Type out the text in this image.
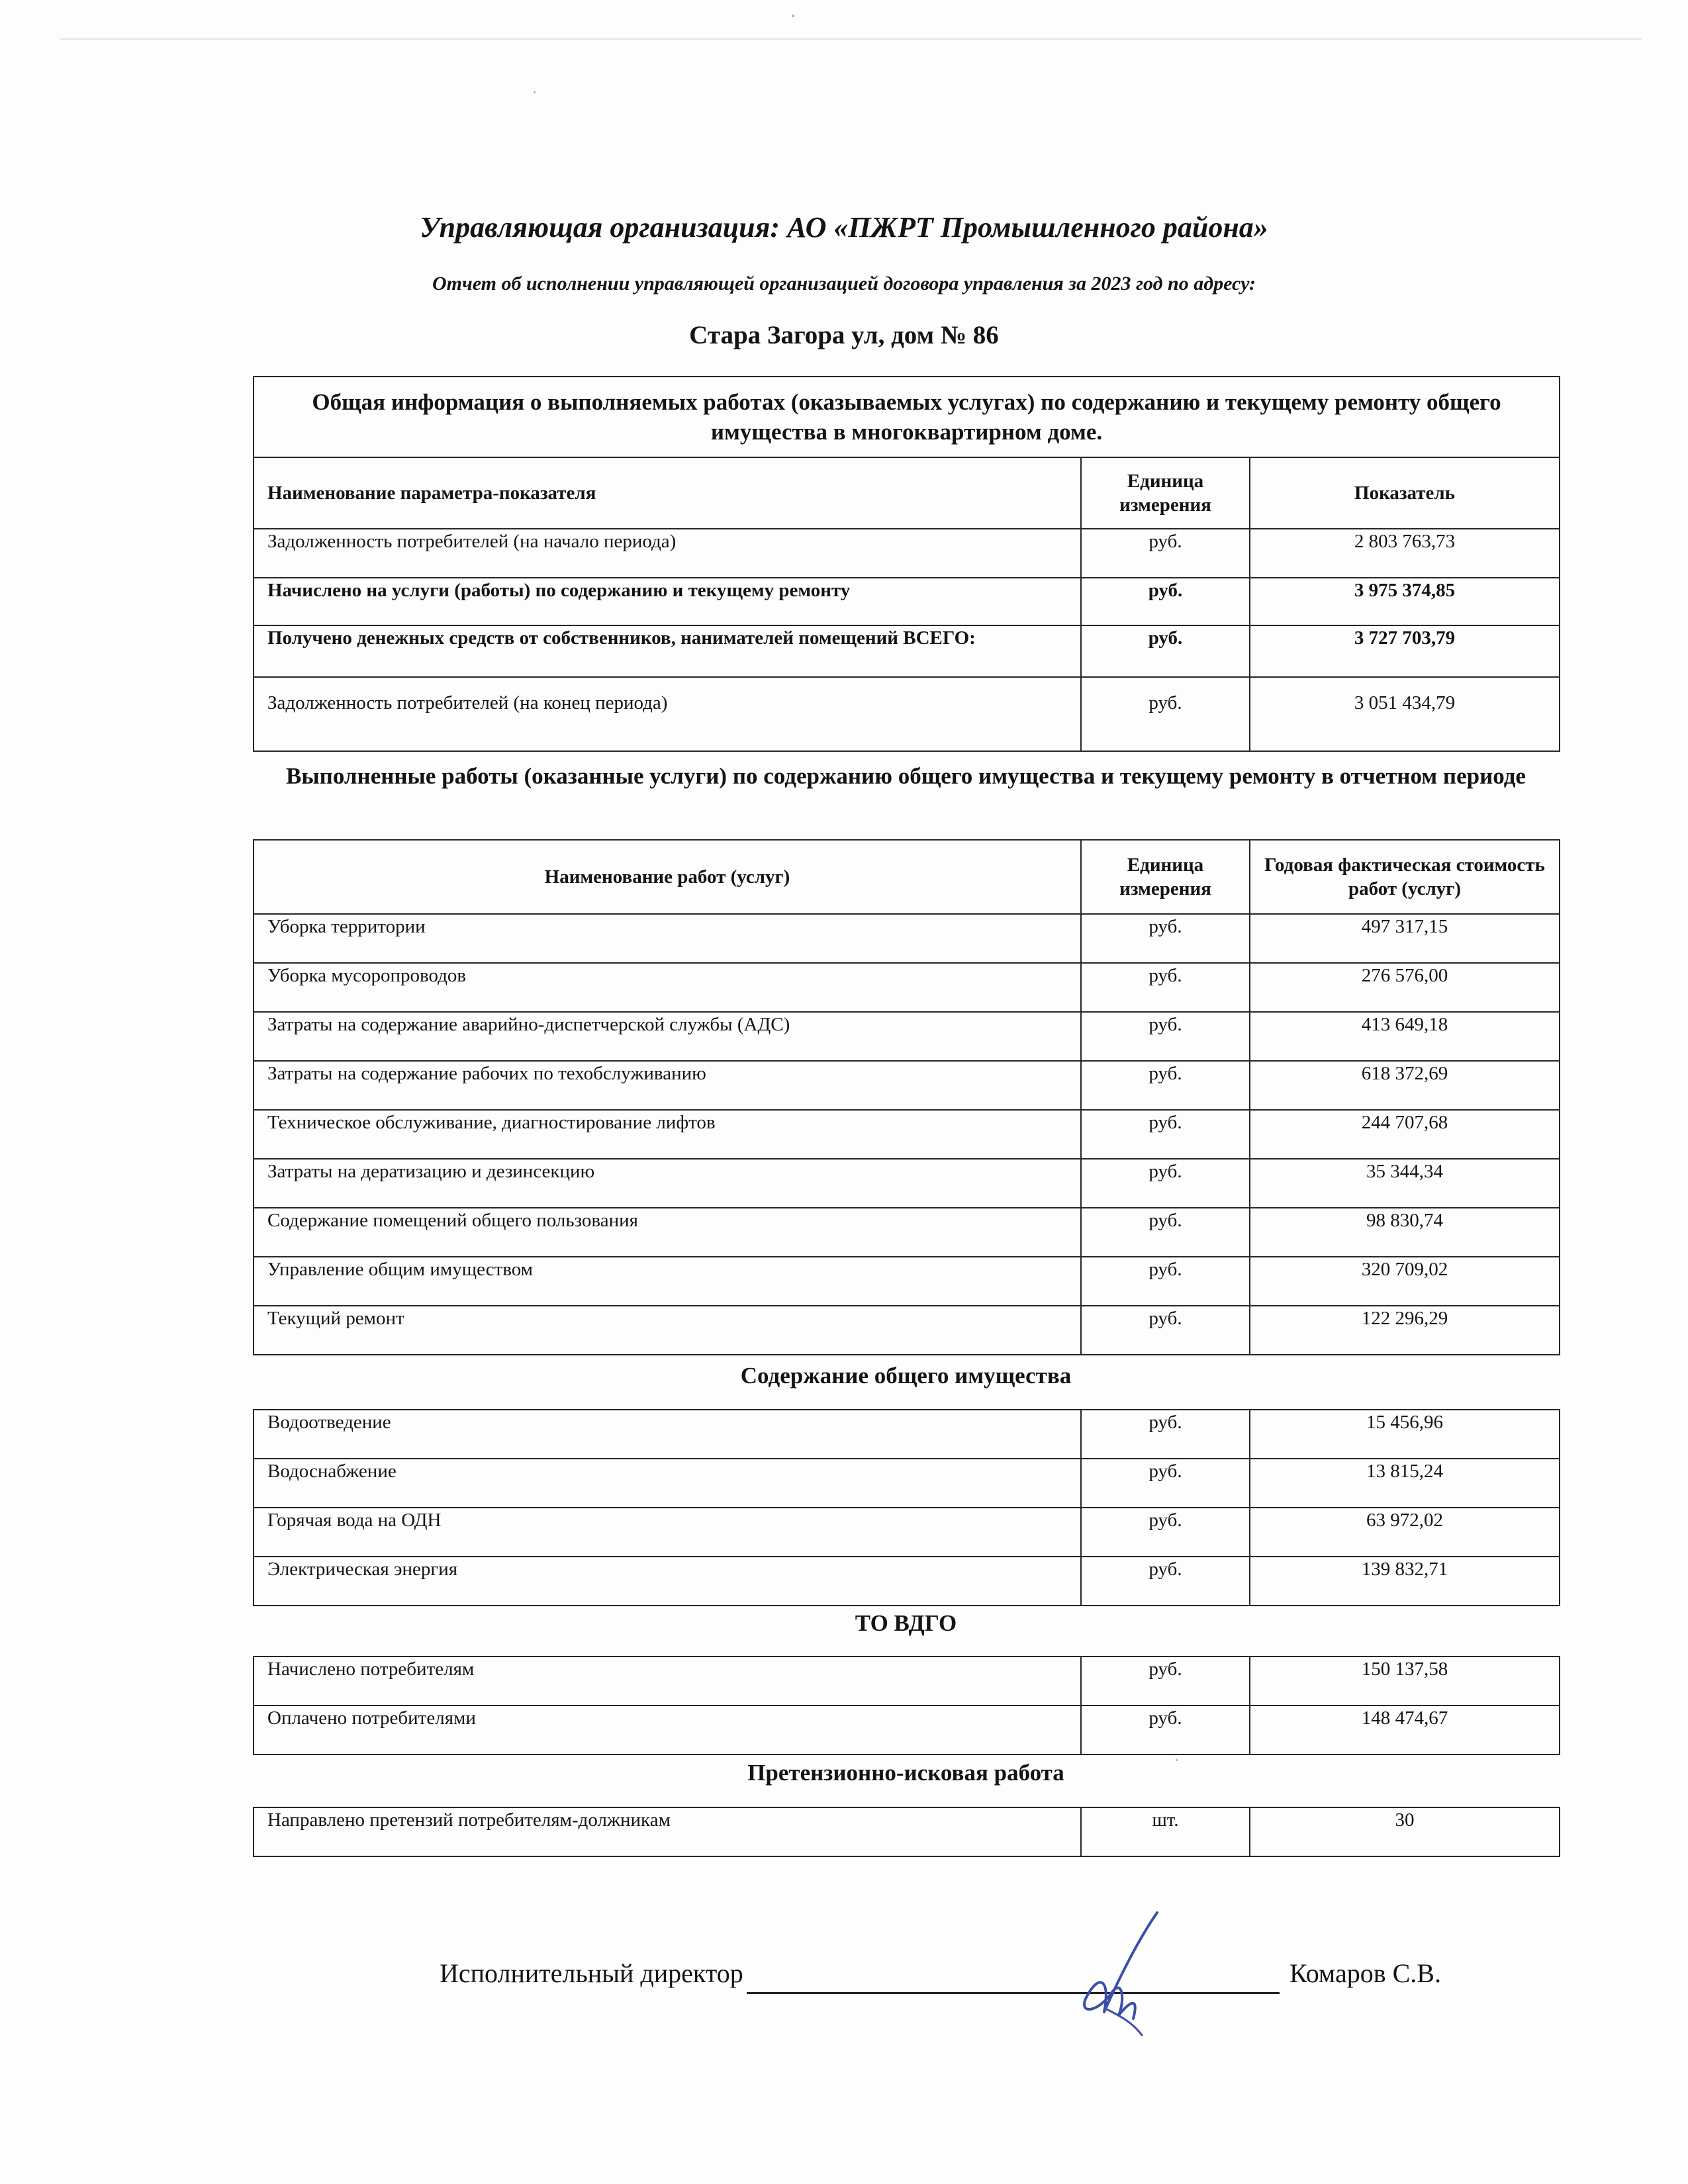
Управляющая организация: АО «ПЖРТ Промышленного района»
Отчет об исполнении управляющей организацией договора управления за 2023 год по адресу:
Стара Загора ул, дом № 86
Общая информация о выполняемых работах (оказываемых услугах) по содержанию и текущему ремонту общего имущества в многоквартирном доме.		
Наименование параметра-показателя	Единица измерения	Показатель
Задолженность потребителей (на начало периода)	руб.	2 803 763,73
Начислено на услуги (работы) по содержанию и текущему ремонту	руб.	3 975 374,85
Получено денежных средств от собственников, нанимателей помещений ВСЕГО:	руб.	3 727 703,79
Задолженность потребителей (на конец периода)	руб.	3 051 434,79
Выполненные работы (оказанные услуги) по содержанию общего имущества и текущему ремонту в отчетном периоде
Наименование работ (услуг)	Единица измерения	Годовая фактическая стоимость работ (услуг)
Уборка территории	руб.	497 317,15
Уборка мусоропроводов	руб.	276 576,00
Затраты на содержание аварийно-диспетчерской службы (АДС)	руб.	413 649,18
Затраты на содержание рабочих по техобслуживанию	руб.	618 372,69
Техническое обслуживание, диагностирование лифтов	руб.	244 707,68
Затраты на дератизацию и дезинсекцию	руб.	35 344,34
Содержание помещений общего пользования	руб.	98 830,74
Управление общим имуществом	руб.	320 709,02
Текущий ремонт	руб.	122 296,29
Содержание общего имущества
Водоотведение	руб.	15 456,96
Водоснабжение	руб.	13 815,24
Горячая вода на ОДН	руб.	63 972,02
Электрическая энергия	руб.	139 832,71
ТО ВДГО
Начислено потребителям	руб.	150 137,58
Оплачено потребителями	руб.	148 474,67
Претензионно-исковая работа
Направлено претензий потребителям-должникам	шт.	30
Исполнительный директор	Комаров С.В.
